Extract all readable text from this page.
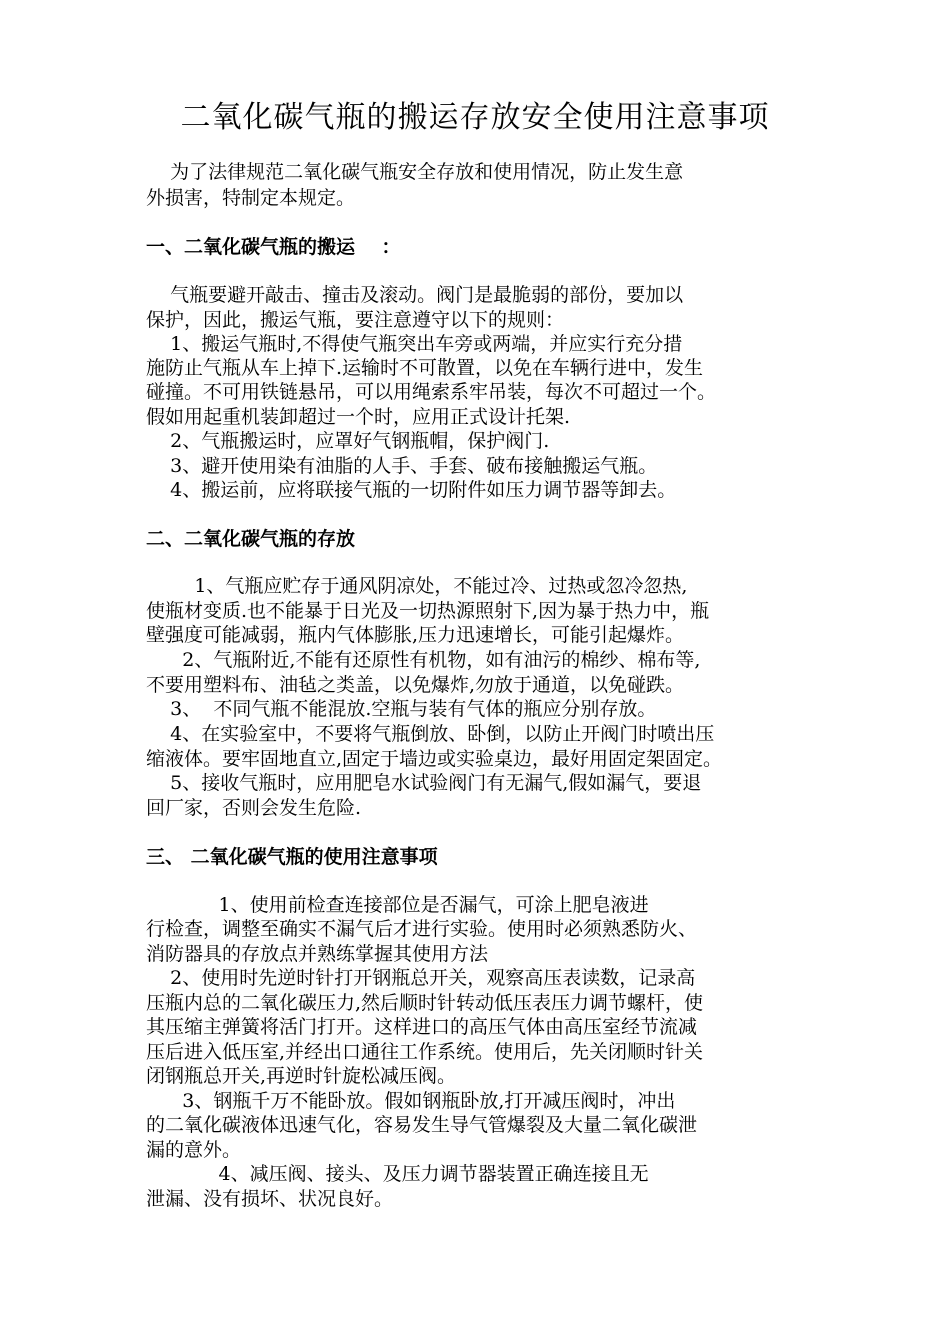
二氧化碳气瓶的搬运存放安全使用注意事项
为了法律规范二氧化碳气瓶安全存放和使用情况，防止发生意
外损害，特制定本规定。
一、二氧化碳气瓶的搬运    ：
气瓶要避开敲击、撞击及滚动。阀门是最脆弱的部份，要加以
保护，因此，搬运气瓶，要注意遵守以下的规则：
1、搬运气瓶时,不得使气瓶突出车旁或两端，并应实行充分措
施防止气瓶从车上掉下.运输时不可散置，以免在车辆行进中，发生
碰撞。不可用铁链悬吊，可以用绳索系牢吊装，每次不可超过一个。
假如用起重机装卸超过一个时，应用正式设计托架.
2、气瓶搬运时，应罩好气钢瓶帽，保护阀门.
3、避开使用染有油脂的人手、手套、破布接触搬运气瓶。
4、搬运前，应将联接气瓶的一切附件如压力调节器等卸去。
二、二氧化碳气瓶的存放
1、气瓶应贮存于通风阴凉处，不能过冷、过热或忽冷忽热,
使瓶材变质.也不能暴于日光及一切热源照射下,因为暴于热力中，瓶
壁强度可能减弱，瓶内气体膨胀,压力迅速增长，可能引起爆炸。
2、气瓶附近,不能有还原性有机物，如有油污的棉纱、棉布等,
不要用塑料布、油毡之类盖，以免爆炸,勿放于通道，以免碰跌。
3、  不同气瓶不能混放.空瓶与装有气体的瓶应分别存放。
4、在实验室中，不要将气瓶倒放、卧倒，以防止开阀门时喷出压
缩液体。要牢固地直立,固定于墙边或实验桌边，最好用固定架固定。
5、接收气瓶时，应用肥皂水试验阀门有无漏气,假如漏气，要退
回厂家，否则会发生危险.
三、 二氧化碳气瓶的使用注意事项
1、使用前检查连接部位是否漏气，可涂上肥皂液进
行检查，调整至确实不漏气后才进行实验。使用时必须熟悉防火、
消防器具的存放点并熟练掌握其使用方法
2、使用时先逆时针打开钢瓶总开关，观察高压表读数，记录高
压瓶内总的二氧化碳压力,然后顺时针转动低压表压力调节螺杆，使
其压缩主弹簧将活门打开。这样进口的高压气体由高压室经节流减
压后进入低压室,并经出口通往工作系统。使用后，先关闭顺时针关
闭钢瓶总开关,再逆时针旋松减压阀。
3、钢瓶千万不能卧放。假如钢瓶卧放,打开减压阀时，冲出
的二氧化碳液体迅速气化，容易发生导气管爆裂及大量二氧化碳泄
漏的意外。
4、减压阀、接头、及压力调节器装置正确连接且无
泄漏、没有损坏、状况良好。
